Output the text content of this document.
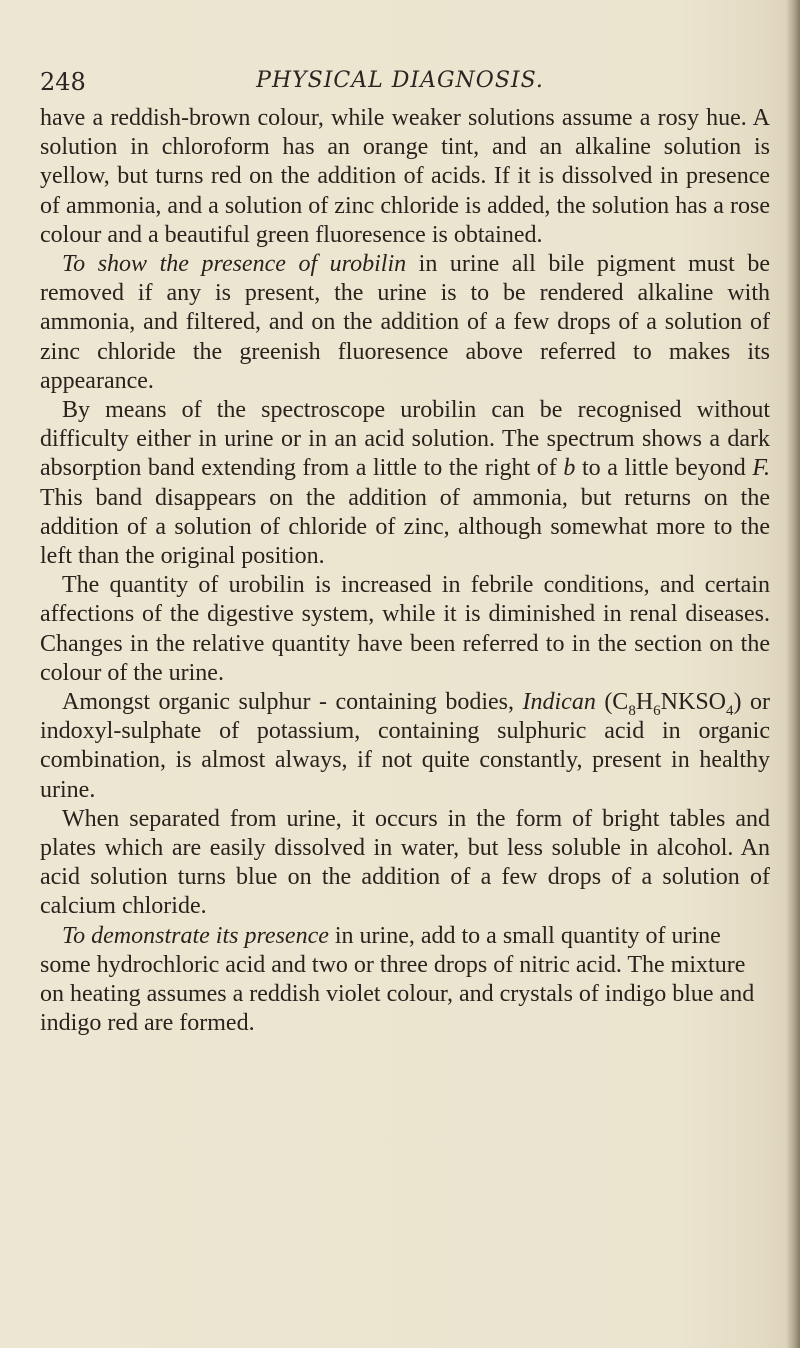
248	PHYSICAL DIAGNOSIS.

have a reddish-brown colour, while weaker solutions assume a rosy hue. A solution in chloroform has an orange tint, and an alkaline solution is yellow, but turns red on the addition of acids. If it is dissolved in presence of ammonia, and a solution of zinc chloride is added, the solution has a rose colour and a beautiful green fluoresence is obtained.

To show the presence of urobilin in urine all bile pigment must be removed if any is present, the urine is to be rendered alkaline with ammonia, and filtered, and on the addition of a few drops of a solution of zinc chloride the greenish fluoresence above referred to makes its appearance.

By means of the spectroscope urobilin can be recognised without difficulty either in urine or in an acid solution. The spectrum shows a dark absorption band extending from a little to the right of b to a little beyond F. This band disappears on the addition of ammonia, but returns on the addition of a solution of chloride of zinc, although somewhat more to the left than the original position.

The quantity of urobilin is increased in febrile conditions, and certain affections of the digestive system, while it is diminished in renal diseases. Changes in the relative quantity have been referred to in the section on the colour of the urine.

Amongst organic sulphur - containing bodies, Indican $(C_8H_6NKSO_4)$ or indoxyl-sulphate of potassium, containing sulphuric acid in organic combination, is almost always, if not quite constantly, present in healthy urine.

When separated from urine, it occurs in the form of bright tables and plates which are easily dissolved in water, but less soluble in alcohol. An acid solution turns blue on the addition of a few drops of a solution of calcium chloride.

To demonstrate its presence in urine, add to a small quantity of urine some hydrochloric acid and two or three drops of nitric acid. The mixture on heating assumes a reddish violet colour, and crystals of indigo blue and indigo red are formed.
